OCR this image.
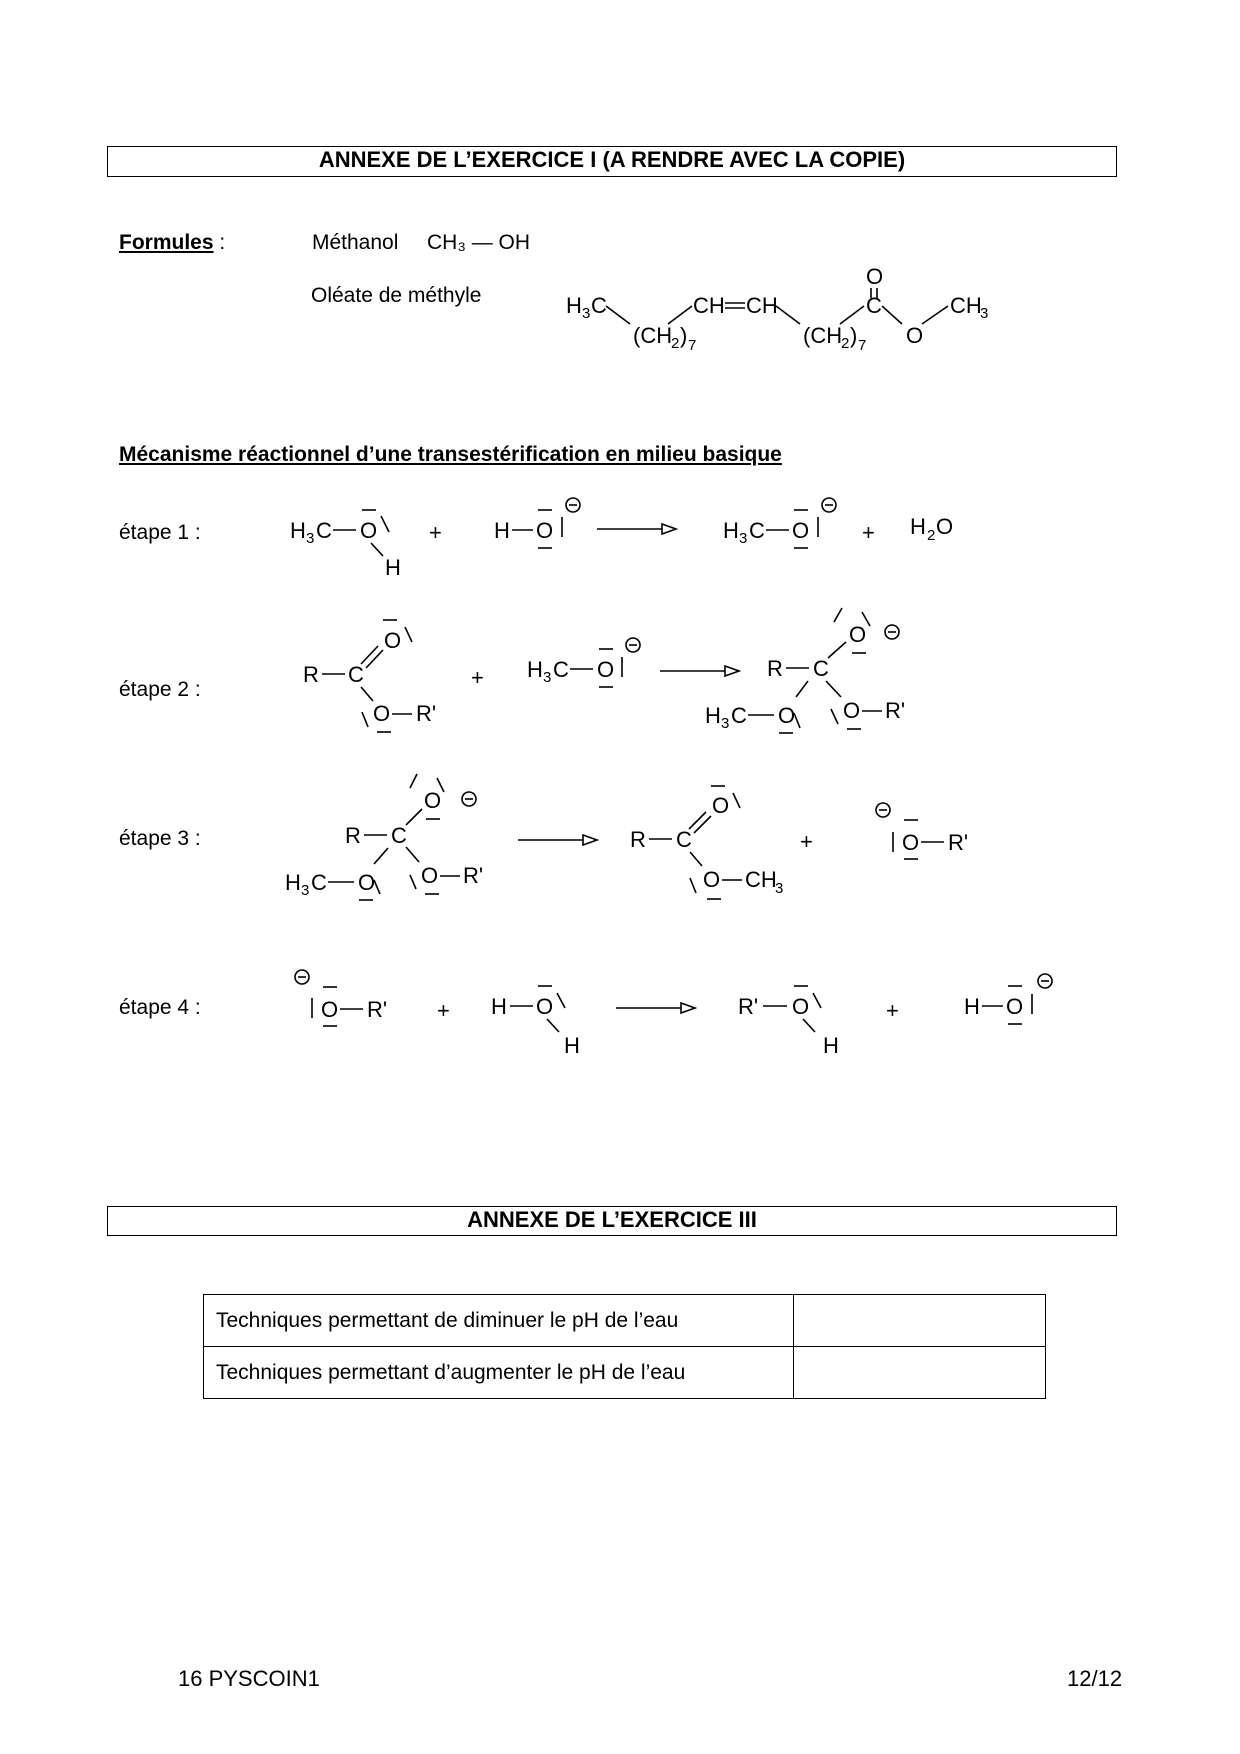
ANNEXE DE L’EXERCICE I (A RENDRE AVEC LA COPIE)
Formules :	Méthanol CH₃ — OH
Oléate de méthyle
Mécanisme réactionnel d’une transestérification en milieu basique
étape 1 :
étape 2 :
étape 3 :
étape 4 :
H 3 C
(CH
2 ) 7
CH CH
(CH
2 ) 7
C
O
O
CH
3
H 3 C O
H
+ H O	H 3 C O + H 2 O
R C
O
O R'
+ H 3 C O	R C
O
O R'
H 3 C O
R C
O
O R'
H 3 C O
R C
O
O CH
3
+	O R'
O R' + H O
H
R' O
H
+	H O
ANNEXE DE L’EXERCICE III
Techniques permettant de diminuer le pH de l’eau	
Techniques permettant d’augmenter le pH de l’eau	
16 PYSCOIN1	12/12
